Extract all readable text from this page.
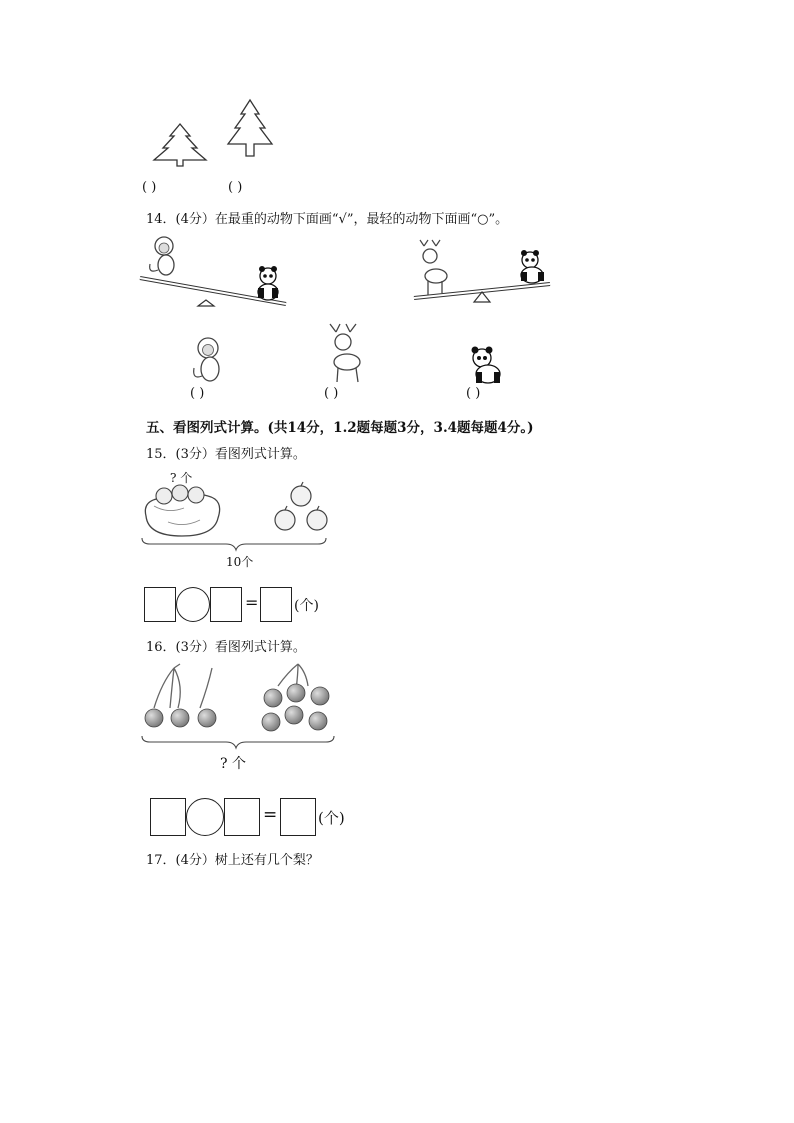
( )	( )
14．(4分）在最重的动物下面画“√”，最轻的动物下面画“○”。
( )	( )	( )
五、看图列式计算。(共14分，1.2题每题3分，3.4题每题4分。)
15．(3分）看图列式计算。
? 个
10个
=	(个)
16．(3分）看图列式计算。
? 个
=	(个)
17．(4分）树上还有几个梨？
